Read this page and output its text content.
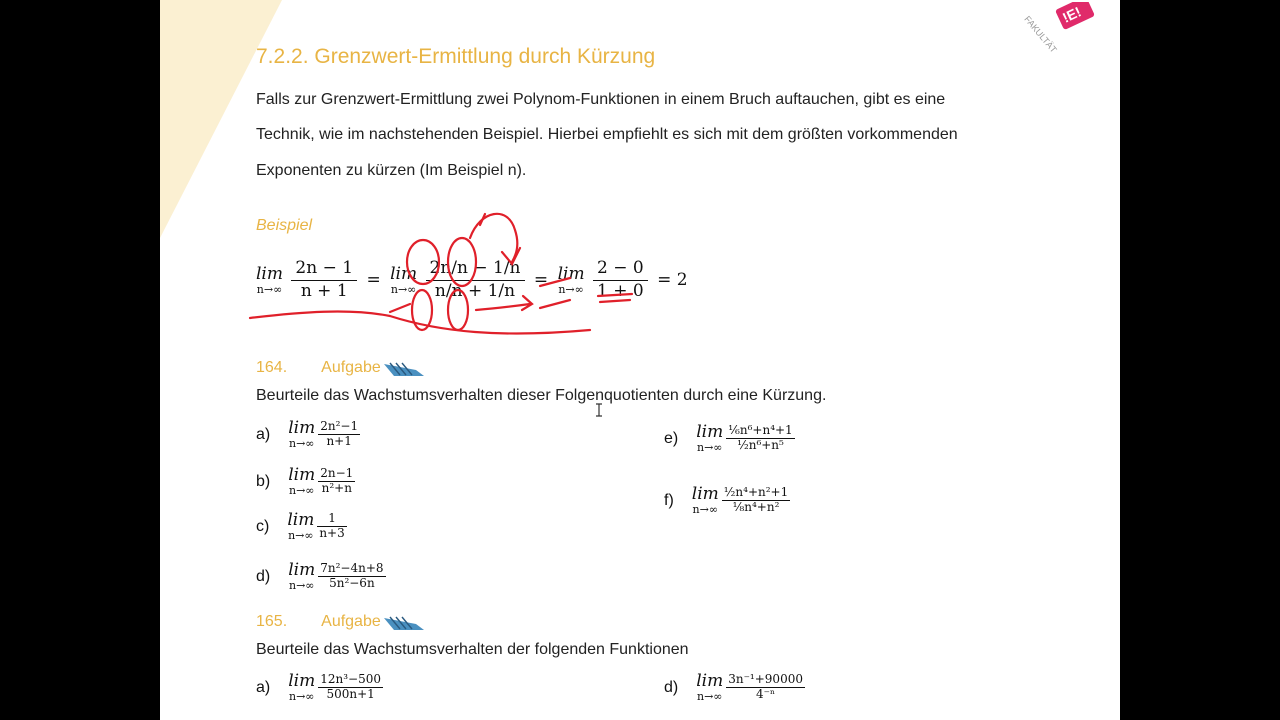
!E!
FAKULTÄT
7.2.2. Grenzwert-Ermittlung durch Kürzung
Falls zur Grenzwert-Ermittlung zwei Polynom-Funktionen in einem Bruch auftauchen, gibt es eine
Technik, wie im nachstehenden Beispiel. Hierbei empfiehlt es sich mit dem größten vorkommenden
Exponenten zu kürzen (Im Beispiel n).
Beispiel
lim
n→∞
$\frac{2n - 1}{n + 1} = \lim$
n→∞
$\frac{2n/n - 1/n}{n/n + 1/n} = \lim$
n→∞
$\frac{2 - 0}{1 + 0} = 2$
164. Aufgabe
Beurteile das Wachstumsverhalten dieser Folgenquotienten durch eine Kürzung.
a) lim
$n\to\infty \frac{\text{2n²−1}}{n+1}$
b) lim
$n\to\infty \frac{2n-1}{\text{n²+n}}$
c) lim
$n\to\infty \frac{1}{n+3}$
d) lim
$n\to\infty \frac{\text{7n²−4n+8}}{\text{5n²−6n}}$
e) lim
$n\to\infty \frac{\text{⅙n⁶+n⁴+1}}{\text{½n⁶+n⁵}}$
f) lim
$n\to\infty \frac{\text{½n⁴+n²+1}}{\text{⅛n⁴+n²}}$
165. Aufgabe
Beurteile das Wachstumsverhalten der folgenden Funktionen
a) lim
$n\to\infty \frac{\text{12n³−500}}{500n+1}$	d) lim
$n\to\infty \frac{\text{3n⁻¹+90000}}{\text{4⁻ⁿ}}$
